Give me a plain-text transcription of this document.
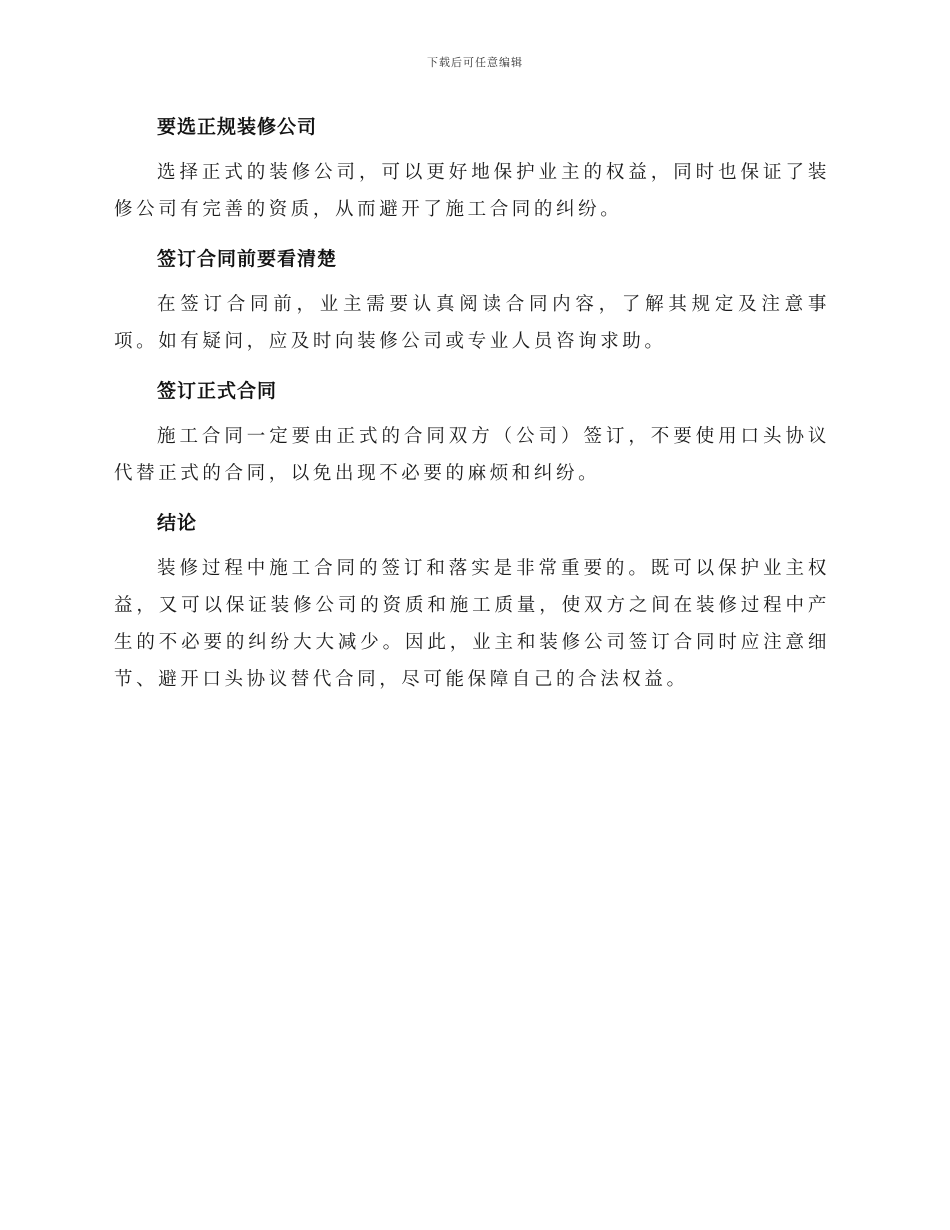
下载后可任意编辑
要选正规装修公司

选择正式的装修公司，可以更好地保护业主的权益，同时也保证了装修公司有完善的资质，从而避开了施工合同的纠纷。

签订合同前要看清楚

在签订合同前，业主需要认真阅读合同内容，了解其规定及注意事项。如有疑问，应及时向装修公司或专业人员咨询求助。

签订正式合同

施工合同一定要由正式的合同双方（公司）签订，不要使用口头协议代替正式的合同，以免出现不必要的麻烦和纠纷。

结论

装修过程中施工合同的签订和落实是非常重要的。既可以保护业主权益，又可以保证装修公司的资质和施工质量，使双方之间在装修过程中产生的不必要的纠纷大大减少。因此，业主和装修公司签订合同时应注意细节、避开口头协议替代合同，尽可能保障自己的合法权益。
